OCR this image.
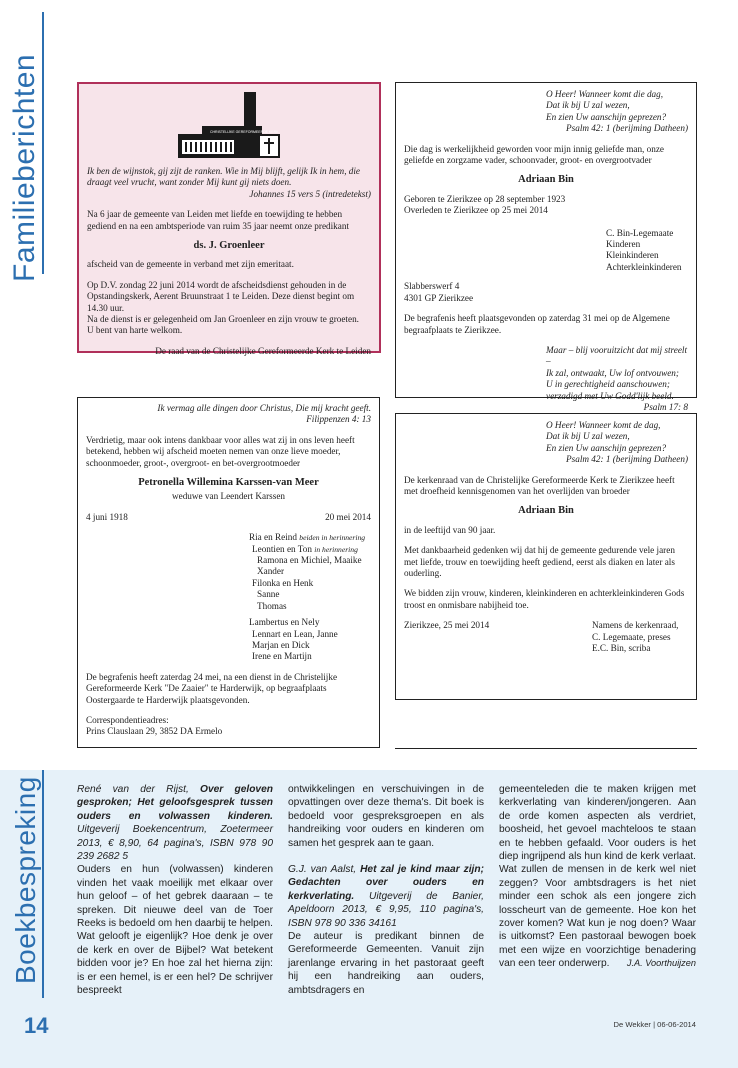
Familieberichten	CHRISTELIJKE GEREFORMEERDE KERK

Ik ben de wijnstok, gij zijt de ranken. Wie in Mij blijft, gelijk Ik in hem, die draagt veel vrucht, want zonder Mij kunt gij niets doen.

Johannes 15 vers 5 (intredetekst)

Na 6 jaar de gemeente van Leiden met liefde en toewijding te hebben gediend en na een ambtsperiode van ruim 35 jaar neemt onze predikant

ds. J. Groenleer

afscheid van de gemeente in verband met zijn emeritaat.

Op D.V. zondag 22 juni 2014 wordt de afscheidsdienst gehouden in de Opstandingskerk, Aerent Bruunstraat 1 te Leiden. Deze dienst begint om 14.30 uur.

Na de dienst is er gelegenheid om Jan Groenleer en zijn vrouw te groeten.

U bent van harte welkom.

De raad van de Christelijke Gereformeerde Kerk te Leiden

O Heer! Wanneer komt die dag,

Dat ik bij U zal wezen,

En zien Uw aanschijn geprezen?

Psalm 42: 1 (berijming Datheen)

Die dag is werkelijkheid geworden voor mijn innig geliefde man, onze geliefde en zorgzame vader, schoonvader, groot- en overgrootvader

Adriaan Bin

Geboren te Zierikzee op 28 september 1923

Overleden te Zierikzee op 25 mei 2014

C. Bin-Legemaate

Kinderen

Kleinkinderen

Achterkleinkinderen

Slabberswerf 4

4301 GP Zierikzee

De begrafenis heeft plaatsgevonden op zaterdag 31 mei op de Algemene begraafplaats te Zierikzee.

Maar – blij vooruitzicht dat mij streelt –

Ik zal, ontwaakt, Uw lof ontvouwen;

U in gerechtigheid aanschouwen;

verzadigd met Uw Godd'lijk beeld.

Psalm 17: 8

Ik vermag alle dingen door Christus, Die mij kracht geeft.

Filippenzen 4: 13

Verdrietig, maar ook intens dankbaar voor alles wat zij in ons leven heeft betekend, hebben wij afscheid moeten nemen van onze lieve moeder, schoonmoeder, groot-, overgroot- en bet-overgrootmoeder

Petronella Willemina Karssen-van Meer

weduwe van Leendert Karssen

4 juni 1918	20 mei 2014

Ria en Reind beiden in herinnering

Leontien en Ton in herinnering

Ramona en Michiel, Maaike

Xander

Filonka en Henk

Sanne

Thomas

Lambertus en Nely

Lennart en Lean, Janne

Marjan en Dick

Irene en Martijn

De begrafenis heeft zaterdag 24 mei, na een dienst in de Christelijke Gereformeerde Kerk "De Zaaier" te Harderwijk, op begraafplaats Oostergaarde te Harderwijk plaatsgevonden.

Correspondentieadres:

Prins Clauslaan 29, 3852 DA Ermelo

O Heer! Wanneer komt de dag,

Dat ik bij U zal wezen,

En zien Uw aanschijn geprezen?

Psalm 42: 1 (berijming Datheen)

De kerkenraad van de Christelijke Gereformeerde Kerk te Zierikzee heeft met droefheid kennisgenomen van het overlijden van broeder

Adriaan Bin

in de leeftijd van 90 jaar.

Met dankbaarheid gedenken wij dat hij de gemeente gedurende vele jaren met liefde, trouw en toewijding heeft gediend, eerst als diaken en later als ouderling.

We bidden zijn vrouw, kinderen, kleinkinderen en achterkleinkinderen Gods troost en onmisbare nabijheid toe.

Zierikzee, 25 mei 2014	Namens de kerkenraad,

C. Legemaate, preses

E.C. Bin, scriba

Boekbespreking	René van der Rijst, Over geloven gesproken; Het geloofsgesprek tussen ouders en volwassen kinderen. Uitgeverij Boekencentrum, Zoetermeer 2013, € 8,90, 64 pagina's, ISBN 978 90 239 2682 5

Ouders en hun (volwassen) kinderen vinden het vaak moeilijk met elkaar over hun geloof – of het gebrek daaraan – te spreken. Dit nieuwe deel van de Toer Reeks is bedoeld om hen daarbij te helpen. Wat gelooft je eigenlijk? Hoe denk je over de kerk en over de Bijbel? Wat betekent bidden voor je? En hoe zal het hierna zijn: is er een hemel, is er een hel? De schrijver bespreekt

ontwikkelingen en verschuivingen in de opvattingen over deze thema's. Dit boek is bedoeld voor gespreksgroepen en als handreiking voor ouders en kinderen om samen het gesprek aan te gaan.

G.J. van Aalst, Het zal je kind maar zijn; Gedachten over ouders en kerkverlating. Uitgeverij de Banier, Apeldoorn 2013, € 9,95, 110 pagina's, ISBN 978 90 336 34161

De auteur is predikant binnen de Gereformeerde Gemeenten. Vanuit zijn jarenlange ervaring in het pastoraat geeft hij een handreiking aan ouders, ambtsdragers en

gemeenteleden die te maken krijgen met kerkverlating van kinderen/jongeren. Aan de orde komen aspecten als verdriet, boosheid, het gevoel machteloos te staan en te hebben gefaald. Voor ouders is het diep ingrijpend als hun kind de kerk verlaat. Wat zullen de mensen in de kerk wel niet zeggen? Voor ambtsdragers is het niet minder een schok als een jongere zich losscheurt van de gemeente. Hoe kon het zover komen? Wat kun je nog doen? Waar is uitkomst? Een pastoraal bewogen boek met een wijze en voorzichtige benadering van een teer onderwerp. J.A. Voorthuijzen

14	De Wekker | 06-06-2014
